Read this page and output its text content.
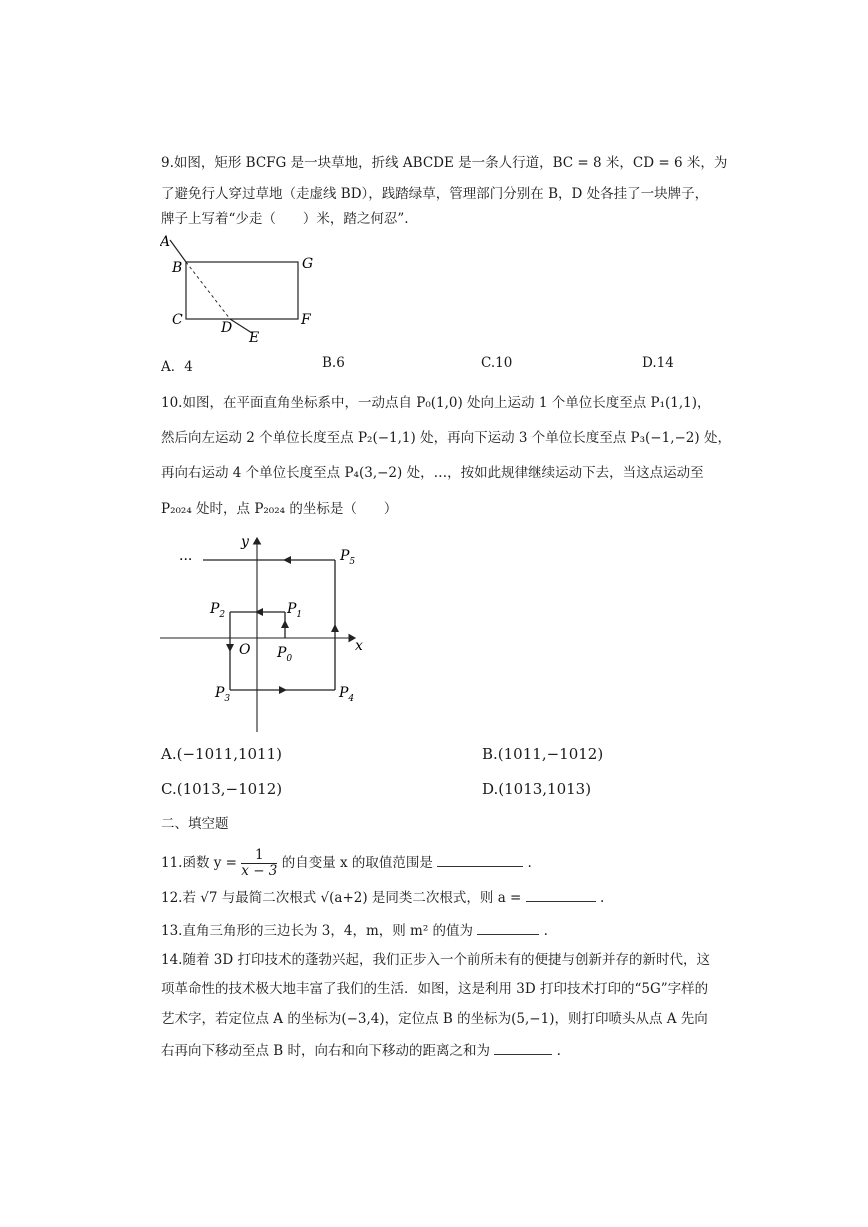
9.如图，矩形 BCFG 是一块草地，折线 ABCDE 是一条人行道，BC = 8 米，CD = 6 米，为
了避免行人穿过草地（走虚线 BD），践踏绿草，管理部门分别在 B，D 处各挂了一块牌子，
牌子上写着“少走（　　）米，踏之何忍”.
A
B	G
C	D
E
F
A．4	B.6	C.10	D.14
10.如图，在平面直角坐标系中，一动点自 P₀(1,0) 处向上运动 1 个单位长度至点 P₁(1,1)，
然后向左运动 2 个单位长度至点 P₂(−1,1) 处，再向下运动 3 个单位长度至点 P₃(−1,−2) 处，
再向右运动 4 个单位长度至点 P₄(3,−2) 处，…，按如此规律继续运动下去，当这点运动至
P₂₀₂₄ 处时，点 P₂₀₂₄ 的坐标是（　　）
···
y
x
O $P_0$
$P_1$
$P_2$
$P_3$	$P_4$
$P_5$
A.(−1011,1011)	B.(1011,−1012)
C.(1013,−1012)	D.(1013,1013)
二、填空题
11.函数 $y = \frac{1}{x - 3}$ 的自变量 x 的取值范围是	.
12.若 √7 与最简二次根式 √(a+2) 是同类二次根式，则 a =	.
13.直角三角形的三边长为 3，4，m，则 m² 的值为	.
14.随着 3D 打印技术的蓬勃兴起，我们正步入一个前所未有的便捷与创新并存的新时代，这
项革命性的技术极大地丰富了我们的生活．如图，这是利用 3D 打印技术打印的“5G”字样的
艺术字，若定位点 A 的坐标为(−3,4)，定位点 B 的坐标为(5,−1)，则打印喷头从点 A 先向
右再向下移动至点 B 时，向右和向下移动的距离之和为	.
